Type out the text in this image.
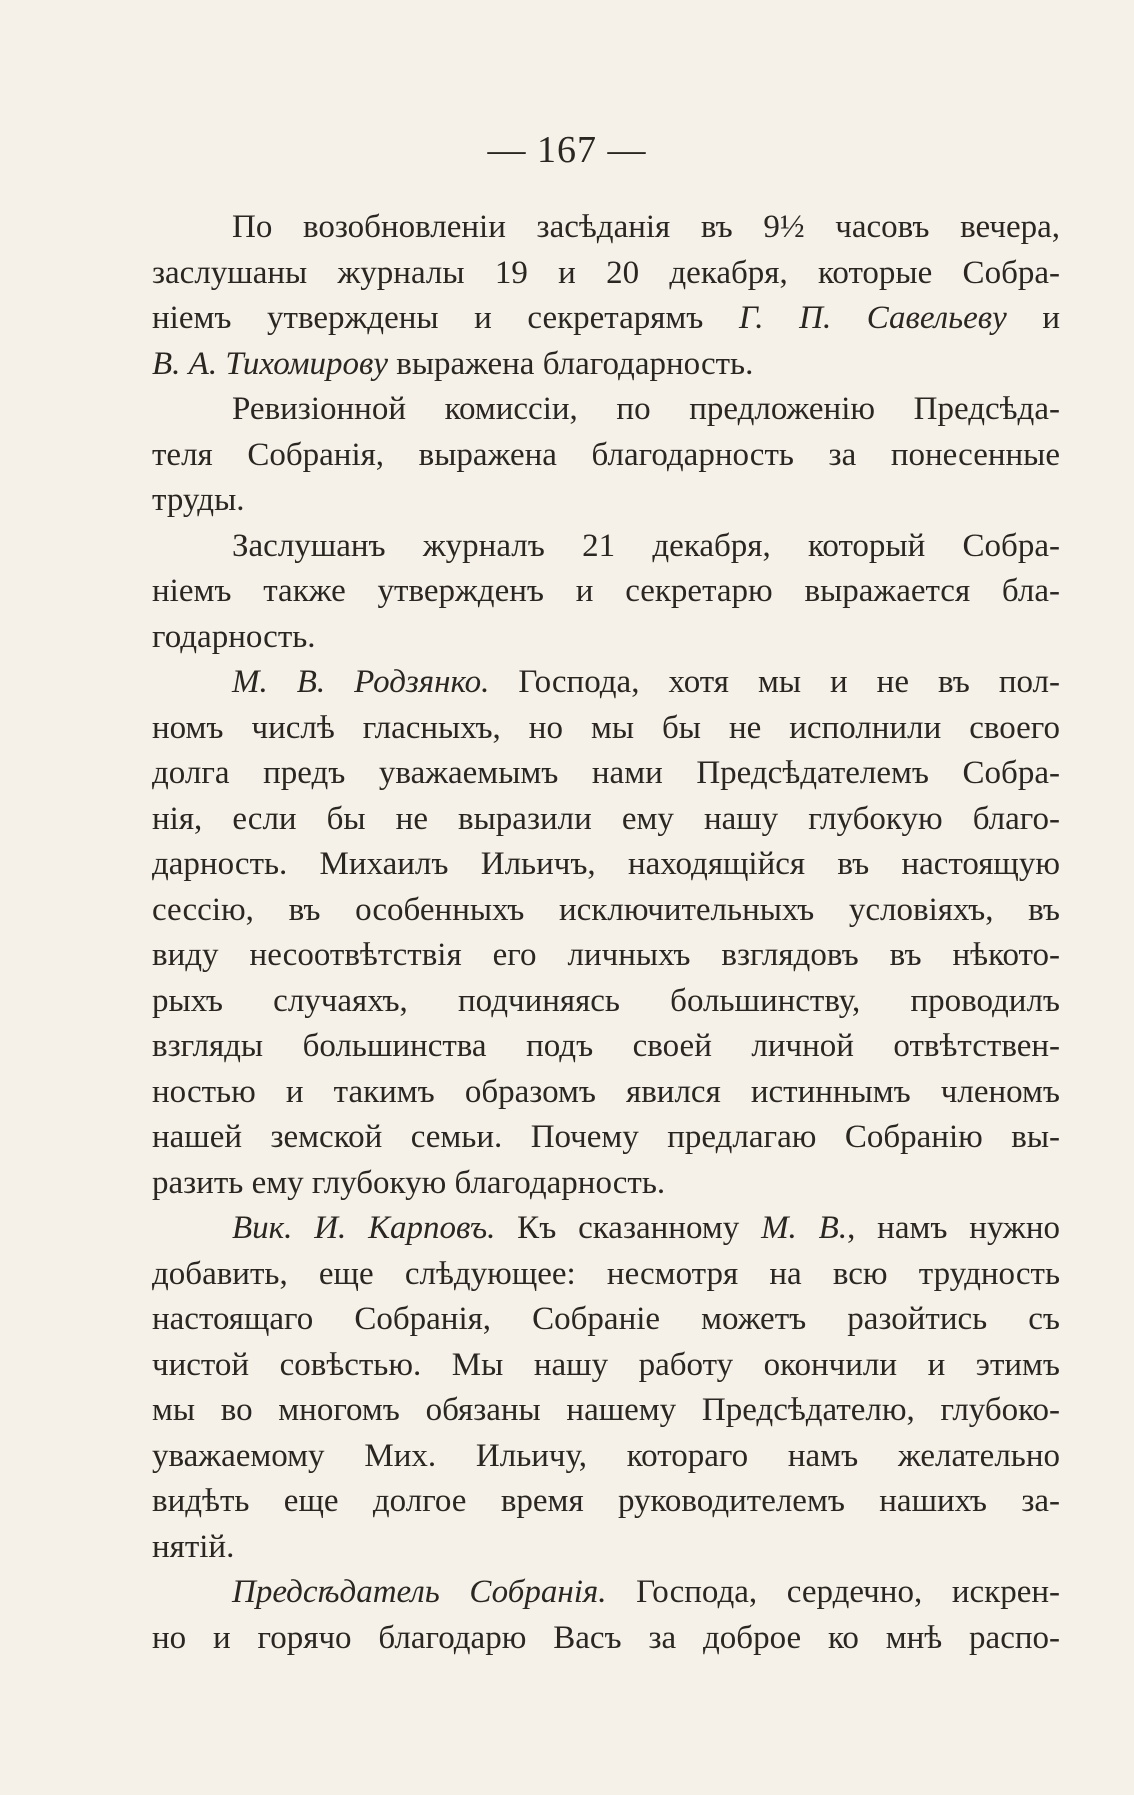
— 167 —
По возобновленіи засѣданія въ 9½ часовъ вечера,
заслушаны журналы 19 и 20 декабря, которые Собра-
ніемъ утверждены и секретарямъ Г. П. Савельеву и
В. А. Тихомирову выражена благодарность.
Ревизіонной комиссіи, по предложенію Предсѣда-
теля Собранія, выражена благодарность за понесенные
труды.
Заслушанъ журналъ 21 декабря, который Собра-
ніемъ также утвержденъ и секретарю выражается бла-
годарность.
М. В. Родзянко. Господа, хотя мы и не въ пол-
номъ числѣ гласныхъ, но мы бы не исполнили своего
долга предъ уважаемымъ нами Предсѣдателемъ Собра-
нія, если бы не выразили ему нашу глубокую благо-
дарность. Михаилъ Ильичъ, находящійся въ настоящую
сессію, въ особенныхъ исключительныхъ условіяхъ, въ
виду несоотвѣтствія его личныхъ взглядовъ въ нѣкото-
рыхъ случаяхъ, подчиняясь большинству, проводилъ
взгляды большинства подъ своей личной отвѣтствен-
ностью и такимъ образомъ явился истиннымъ членомъ
нашей земской семьи. Почему предлагаю Собранію вы-
разить ему глубокую благодарность.
Вик. И. Карповъ. Къ сказанному М. В., намъ нужно
добавить, еще слѣдующее: несмотря на всю трудность
настоящаго Собранія, Собраніе можетъ разойтись съ
чистой совѣстью. Мы нашу работу окончили и этимъ
мы во многомъ обязаны нашему Предсѣдателю, глубоко-
уважаемому Мих. Ильичу, котораго намъ желательно
видѣть еще долгое время руководителемъ нашихъ за-
нятій.
Предсѣдатель Собранія. Господа, сердечно, искрен-
но и горячо благодарю Васъ за доброе ко мнѣ распо-
